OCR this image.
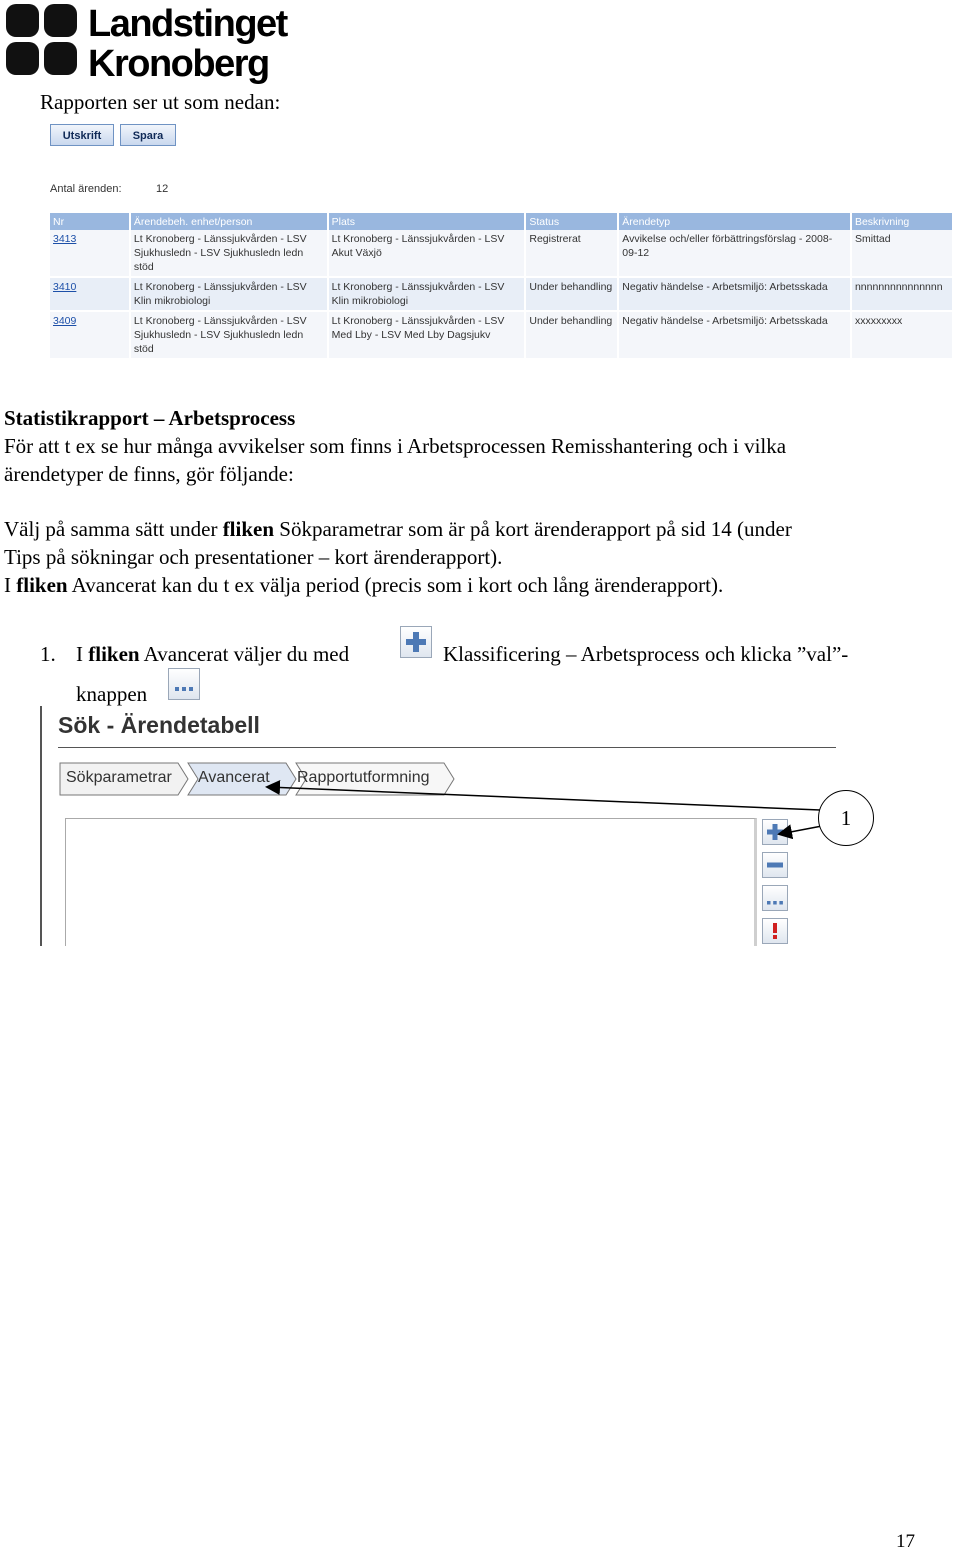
Landstinget
Kronoberg
Rapporten ser ut som nedan:
Utskrift	Spara
Antal ärenden:	12
Nr	Ärendebeh. enhet/person	Plats	Status	Ärendetyp	Beskrivning
3413	Lt Kronoberg - Länssjukvården - LSV Sjukhusledn - LSV Sjukhusledn ledn stöd	Lt Kronoberg - Länssjukvården - LSV Akut Växjö	Registrerat	Avvikelse och/eller förbättringsförslag - 2008-09-12	Smittad
3410	Lt Kronoberg - Länssjukvården - LSV Klin mikrobiologi	Lt Kronoberg - Länssjukvården - LSV Klin mikrobiologi	Under behandling	Negativ händelse - Arbetsmiljö: Arbetsskada	nnnnnnnnnnnnnnn
3409	Lt Kronoberg - Länssjukvården - LSV Sjukhusledn - LSV Sjukhusledn ledn stöd	Lt Kronoberg - Länssjukvården - LSV Med Lby - LSV Med Lby Dagsjukv	Under behandling	Negativ händelse - Arbetsmiljö: Arbetsskada	xxxxxxxxx
Statistikrapport – Arbetsprocess
För att t ex se hur många avvikelser som finns i Arbetsprocessen Remisshantering och i vilka
ärendetyper de finns, gör följande:
Välj på samma sätt under fliken Sökparametrar som är på kort ärenderapport på sid 14 (under
Tips på sökningar och presentationer – kort ärenderapport).
I fliken Avancerat kan du t ex välja period (precis som i kort och lång ärenderapport).
1. I fliken Avancerat väljer du med	Klassificering – Arbetsprocess och klicka ”val”-
knappen
Sök - Ärendetabell
Sökparametrar Avancerat Rapportutformning
1
17
